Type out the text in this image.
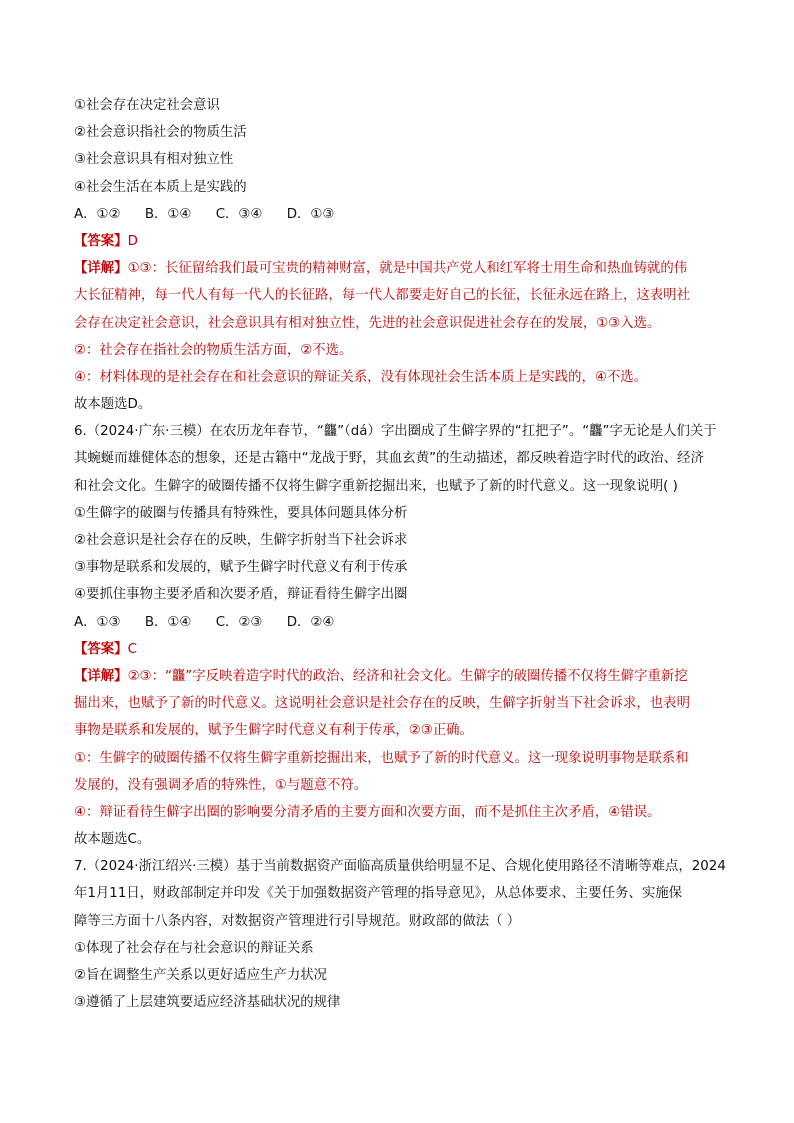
①社会存在决定社会意识
②社会意识指社会的物质生活
③社会意识具有相对独立性
④社会生活在本质上是实践的
A．①② B．①④ C．③④ D．①③
【答案】D
【详解】①③：长征留给我们最可宝贵的精神财富，就是中国共产党人和红军将士用生命和热血铸就的伟
大长征精神，每一代人有每一代人的长征路，每一代人都要走好自己的长征，长征永远在路上，这表明社
会存在决定社会意识，社会意识具有相对独立性，先进的社会意识促进社会存在的发展，①③入选。
②：社会存在指社会的物质生活方面，②不选。
④：材料体现的是社会存在和社会意识的辩证关系，没有体现社会生活本质上是实践的，④不选。
故本题选D。
6.（2024·广东·三模）在农历龙年春节，“龘”（dá）字出圈成了生僻字界的“扛把子”。“龘”字无论是人们关于
其蜿蜒而雄健体态的想象，还是古籍中“龙战于野，其血玄黄”的生动描述，都反映着造字时代的政治、经济
和社会文化。生僻字的破圈传播不仅将生僻字重新挖掘出来，也赋予了新的时代意义。这一现象说明( )
①生僻字的破圈与传播具有特殊性，要具体问题具体分析
②社会意识是社会存在的反映，生僻字折射当下社会诉求
③事物是联系和发展的，赋予生僻字时代意义有利于传承
④要抓住事物主要矛盾和次要矛盾，辩证看待生僻字出圈
A．①③ B．①④ C．②③ D．②④
【答案】C
【详解】②③：“龘”字反映着造字时代的政治、经济和社会文化。生僻字的破圈传播不仅将生僻字重新挖
掘出来，也赋予了新的时代意义。这说明社会意识是社会存在的反映，生僻字折射当下社会诉求，也表明
事物是联系和发展的，赋予生僻字时代意义有利于传承，②③正确。
①：生僻字的破圈传播不仅将生僻字重新挖掘出来，也赋予了新的时代意义。这一现象说明事物是联系和
发展的，没有强调矛盾的特殊性，①与题意不符。
④：辩证看待生僻字出圈的影响要分清矛盾的主要方面和次要方面，而不是抓住主次矛盾，④错误。
故本题选C。
7.（2024·浙江绍兴·三模）基于当前数据资产面临高质量供给明显不足、合规化使用路径不清晰等难点，2024
年1月11日，财政部制定并印发《关于加强数据资产管理的指导意见》，从总体要求、主要任务、实施保
障等三方面十八条内容，对数据资产管理进行引导规范。财政部的做法（ ）
①体现了社会存在与社会意识的辩证关系
②旨在调整生产关系以更好适应生产力状况
③遵循了上层建筑要适应经济基础状况的规律
